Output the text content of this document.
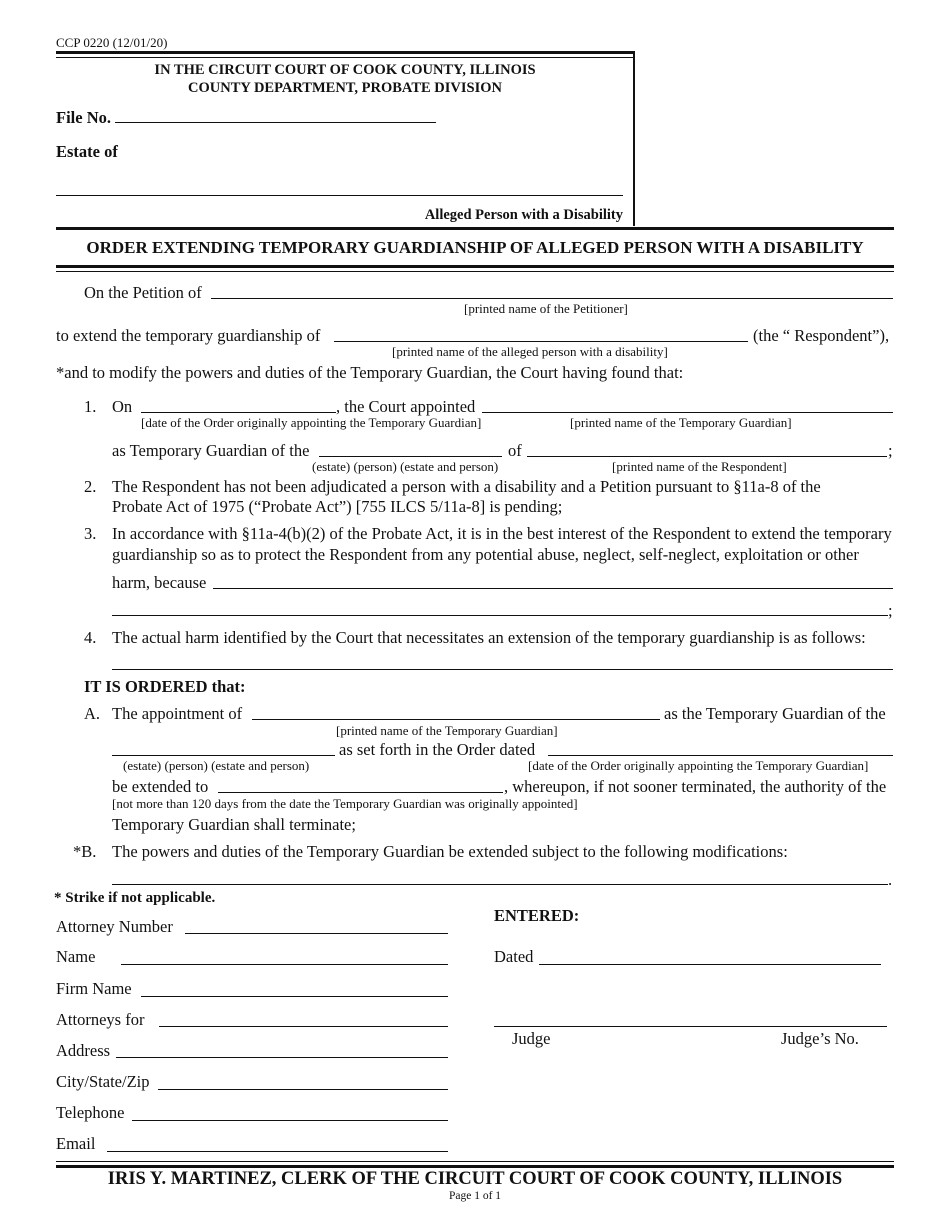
CCP 0220 (12/01/20)
IN THE CIRCUIT COURT OF COOK COUNTY, ILLINOIS
COUNTY DEPARTMENT, PROBATE DIVISION
File No.
Estate of
Alleged Person with a Disability
ORDER EXTENDING TEMPORARY GUARDIANSHIP OF ALLEGED PERSON WITH A DISABILITY
On the Petition of
[printed name of the Petitioner]
to extend the temporary guardianship of	(the “ Respondent”),
[printed name of the alleged person with a disability]
*and to modify the powers and duties of the Temporary Guardian, the Court having found that:
1. On	, the Court appointed
[date of the Order originally appointing the Temporary Guardian]	[printed name of the Temporary Guardian]
as Temporary Guardian of the	of	;
(estate) (person) (estate and person)	[printed name of the Respondent]
2. The Respondent has not been adjudicated a person with a disability and a Petition pursuant to §11a-8 of the
Probate Act of 1975 (“Probate Act”) [755 ILCS 5/11a-8] is pending;
3. In accordance with §11a-4(b)(2) of the Probate Act, it is in the best interest of the Respondent to extend the temporary
guardianship so as to protect the Respondent from any potential abuse, neglect, self-neglect, exploitation or other
harm, because
;
4. The actual harm identified by the Court that necessitates an extension of the temporary guardianship is as follows:
IT IS ORDERED that:
A. The appointment of	as the Temporary Guardian of the
[printed name of the Temporary Guardian]
as set forth in the Order dated
(estate) (person) (estate and person)	[date of the Order originally appointing the Temporary Guardian]
be extended to	, whereupon, if not sooner terminated, the authority of the
[not more than 120 days from the date the Temporary Guardian was originally appointed]
Temporary Guardian shall terminate;
*B. The powers and duties of the Temporary Guardian be extended subject to the following modifications:
.
* Strike if not applicable.
Attorney Number
Name
Firm Name
Attorneys for
Address
City/State/Zip
Telephone
Email
ENTERED:
Dated
Judge	Judge’s No.
IRIS Y. MARTINEZ, CLERK OF THE CIRCUIT COURT OF COOK COUNTY, ILLINOIS
Page 1 of 1
